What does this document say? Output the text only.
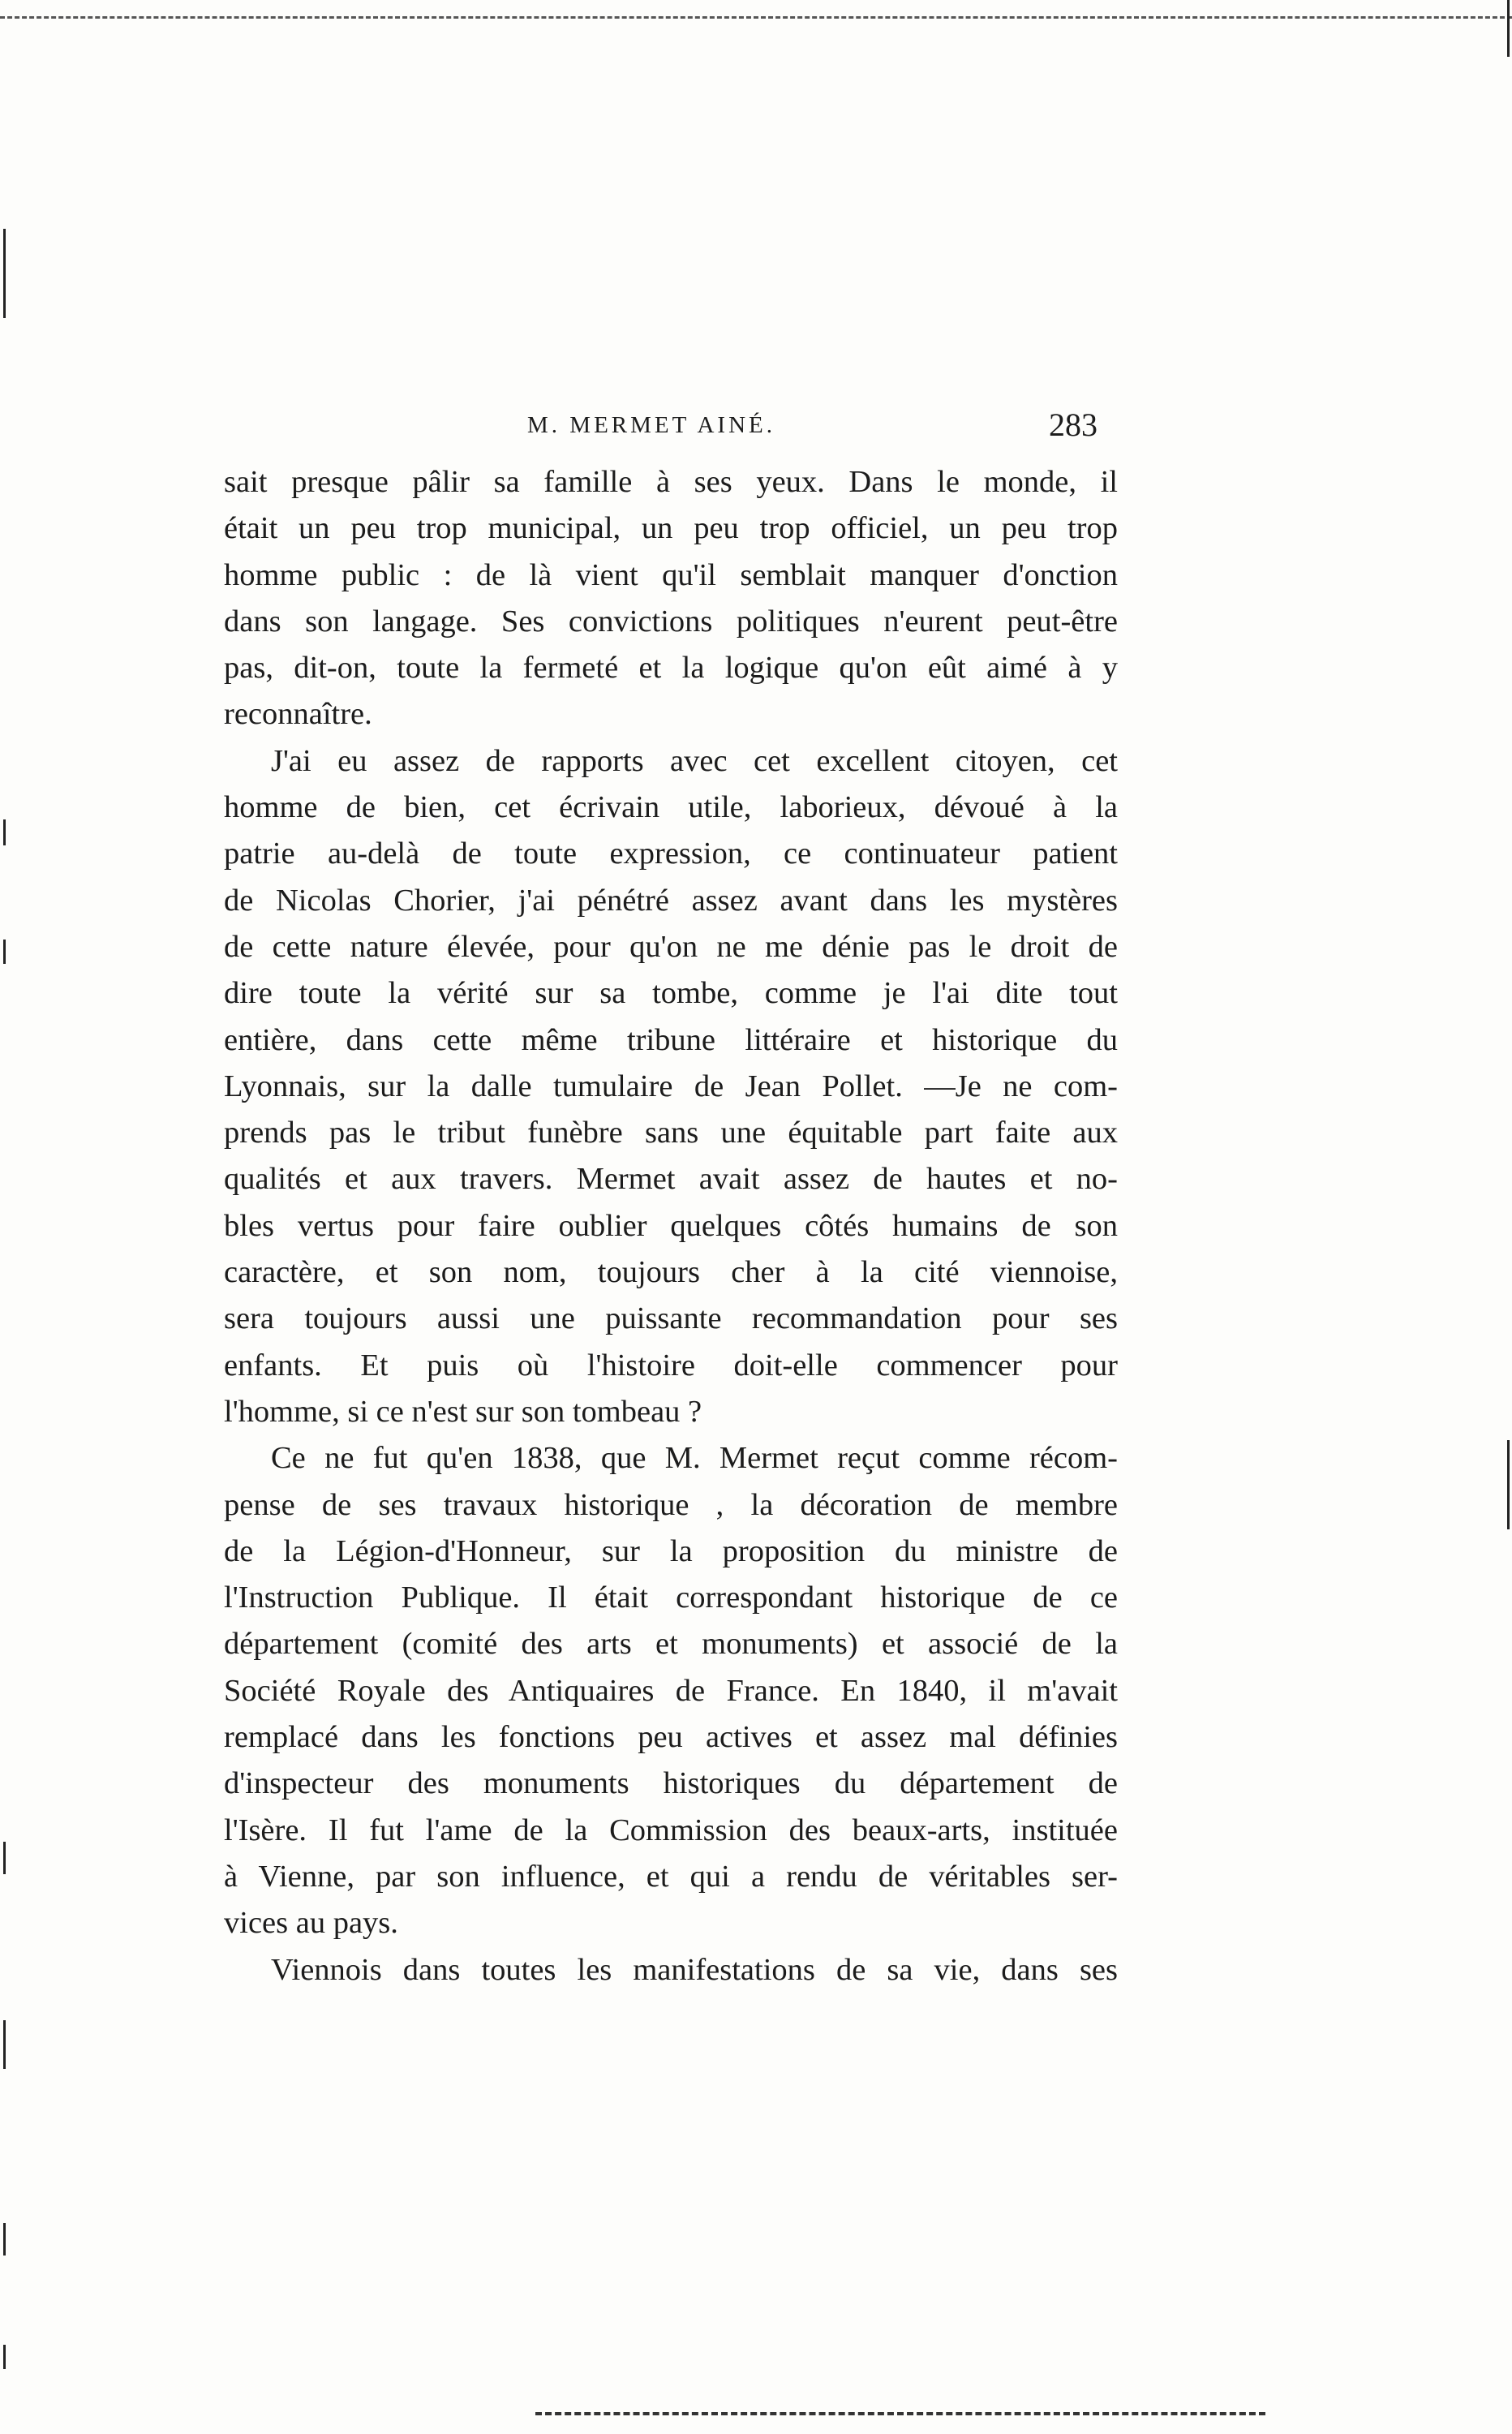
M. MERMET AINÉ.	283
sait presque pâlir sa famille à ses yeux. Dans le monde, il
était un peu trop municipal, un peu trop officiel, un peu trop
homme public : de là vient qu'il semblait manquer d'onction
dans son langage. Ses convictions politiques n'eurent peut-être
pas, dit-on, toute la fermeté et la logique qu'on eût aimé à y
reconnaître.
J'ai eu assez de rapports avec cet excellent citoyen, cet
homme de bien, cet écrivain utile, laborieux, dévoué à la
patrie au-delà de toute expression, ce continuateur patient
de Nicolas Chorier, j'ai pénétré assez avant dans les mystères
de cette nature élevée, pour qu'on ne me dénie pas le droit de
dire toute la vérité sur sa tombe, comme je l'ai dite tout
entière, dans cette même tribune littéraire et historique du
Lyonnais, sur la dalle tumulaire de Jean Pollet. —Je ne com-
prends pas le tribut funèbre sans une équitable part faite aux
qualités et aux travers. Mermet avait assez de hautes et no-
bles vertus pour faire oublier quelques côtés humains de son
caractère, et son nom, toujours cher à la cité viennoise,
sera toujours aussi une puissante recommandation pour ses
enfants. Et puis où l'histoire doit-elle commencer pour
l'homme, si ce n'est sur son tombeau ?
Ce ne fut qu'en 1838, que M. Mermet reçut comme récom-
pense de ses travaux historique , la décoration de membre
de la Légion-d'Honneur, sur la proposition du ministre de
l'Instruction Publique. Il était correspondant historique de ce
département (comité des arts et monuments) et associé de la
Société Royale des Antiquaires de France. En 1840, il m'avait
remplacé dans les fonctions peu actives et assez mal définies
d'inspecteur des monuments historiques du département de
l'Isère. Il fut l'ame de la Commission des beaux-arts, instituée
à Vienne, par son influence, et qui a rendu de véritables ser-
vices au pays.
Viennois dans toutes les manifestations de sa vie, dans ses
